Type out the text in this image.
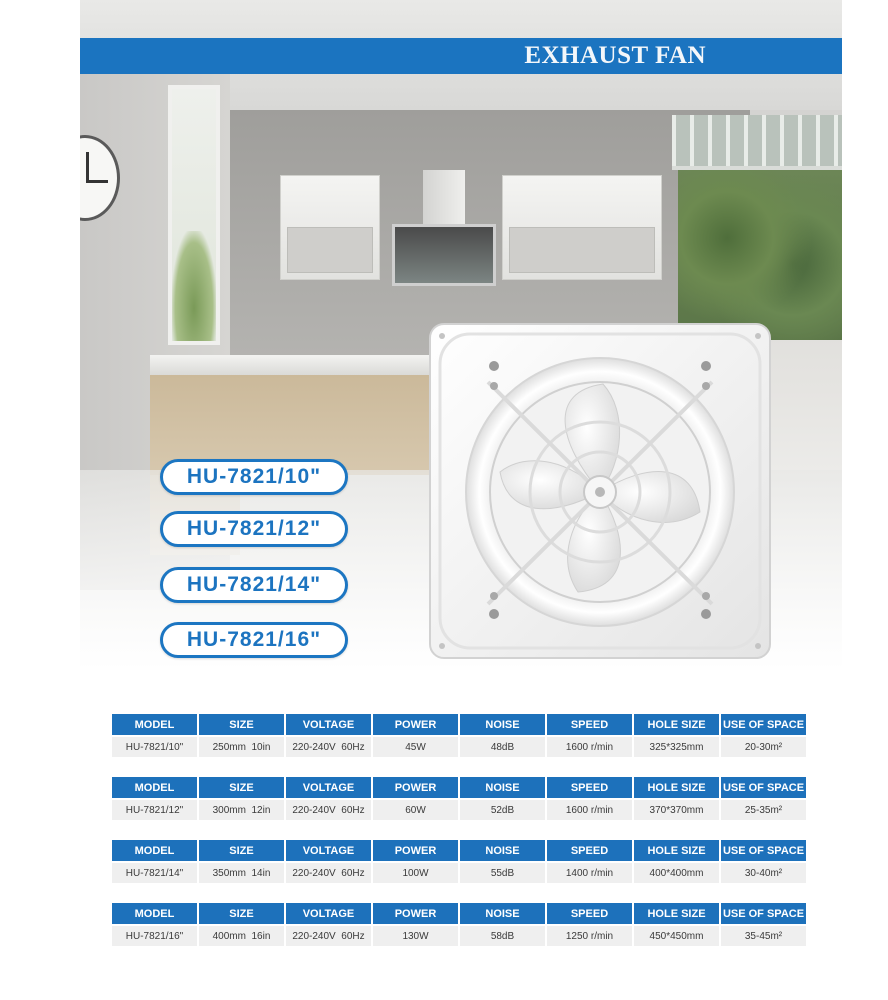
EXHAUST FAN
HU-7821/10"
HU-7821/12"
HU-7821/14"
HU-7821/16"
MODEL	SIZE	VOLTAGE	POWER	NOISE	SPEED	HOLE SIZE	USE OF SPACE
HU-7821/10"	250mm  10in	220-240V  60Hz	45W	48dB	1600 r/min	325*325mm	20-30m²
MODEL	SIZE	VOLTAGE	POWER	NOISE	SPEED	HOLE SIZE	USE OF SPACE
HU-7821/12"	300mm  12in	220-240V  60Hz	60W	52dB	1600 r/min	370*370mm	25-35m²
MODEL	SIZE	VOLTAGE	POWER	NOISE	SPEED	HOLE SIZE	USE OF SPACE
HU-7821/14"	350mm  14in	220-240V  60Hz	100W	55dB	1400 r/min	400*400mm	30-40m²
MODEL	SIZE	VOLTAGE	POWER	NOISE	SPEED	HOLE SIZE	USE OF SPACE
HU-7821/16"	400mm  16in	220-240V  60Hz	130W	58dB	1250 r/min	450*450mm	35-45m²
